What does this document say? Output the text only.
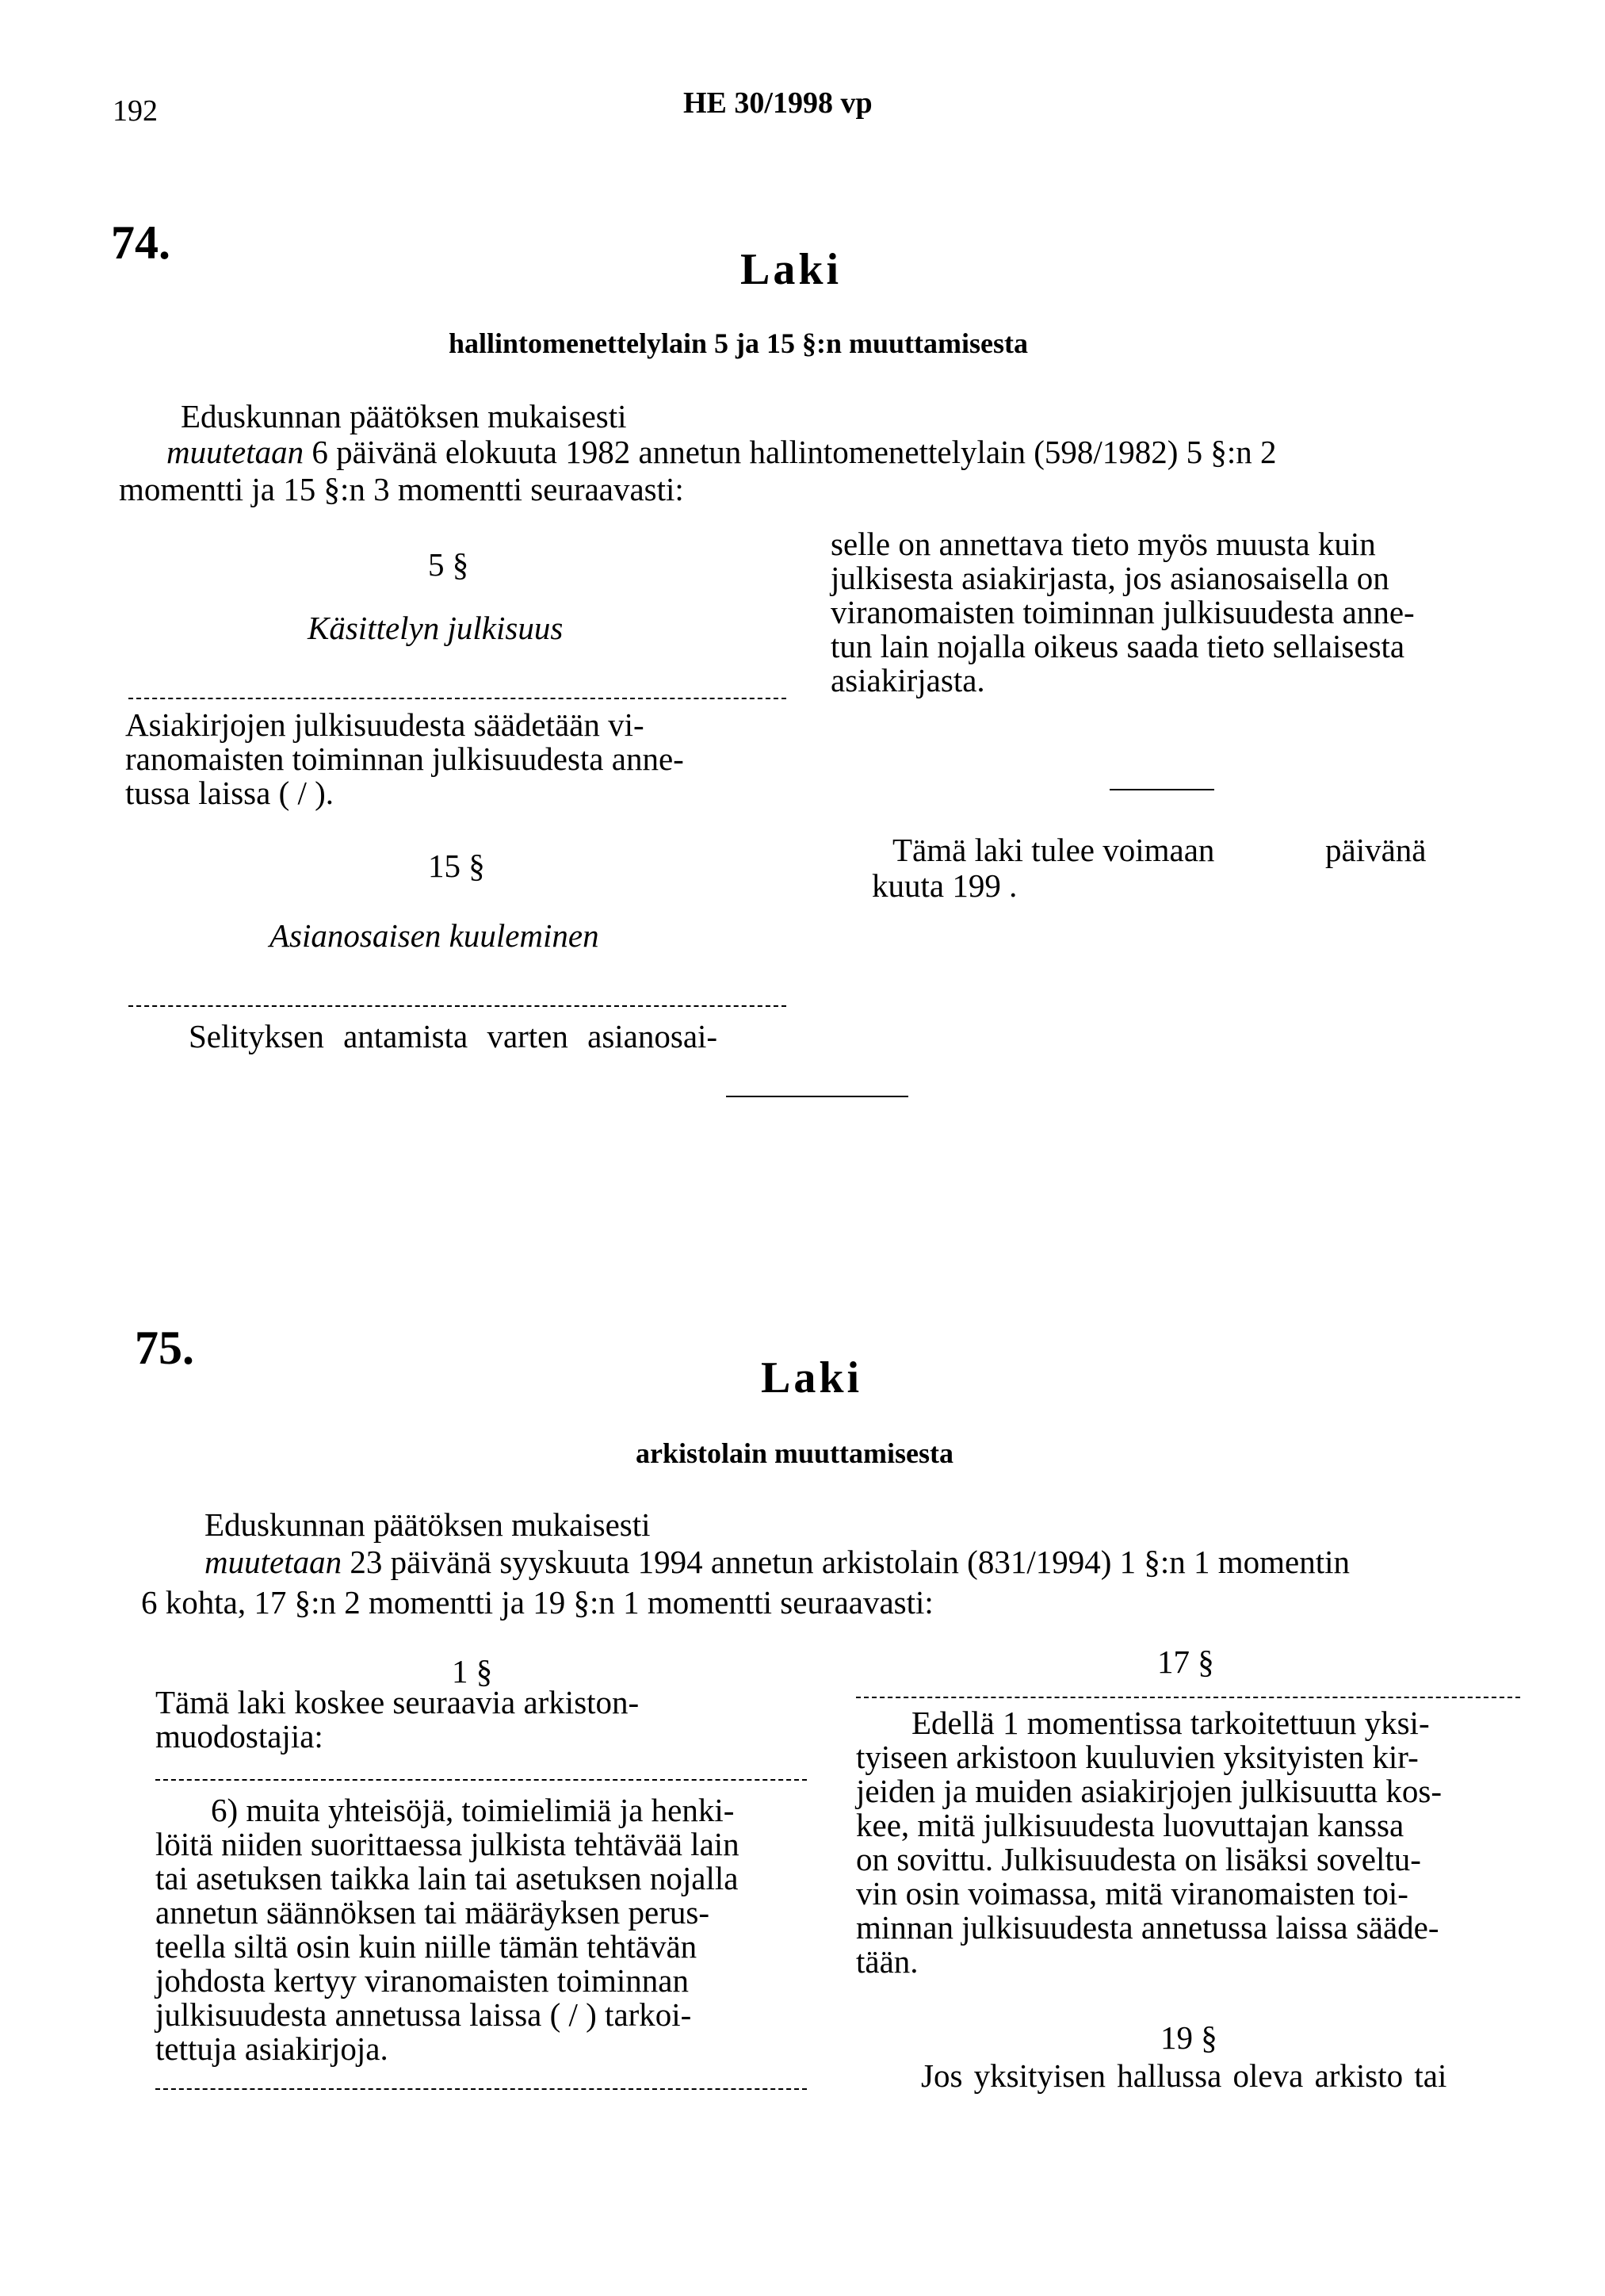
192	HE 30/1998 vp
74.
Laki
hallintomenettelylain 5 ja 15 §:n muuttamisesta
Eduskunnan päätöksen mukaisesti
muutetaan 6 päivänä elokuuta 1982 annetun hallintomenettelylain (598/1982) 5 §:n 2
momentti ja 15 §:n 3 momentti seuraavasti:
5 §
Käsittelyn julkisuus
Asiakirjojen julkisuudesta säädetään vi-
ranomaisten toiminnan julkisuudesta anne-
tussa laissa ( / ).
15 §
Asianosaisen kuuleminen
Selityksen antamista varten asianosai-
selle on annettava tieto myös muusta kuin
julkisesta asiakirjasta, jos asianosaisella on
viranomaisten toiminnan julkisuudesta anne-
tun lain nojalla oikeus saada tieto sellaisesta
asiakirjasta.
Tämä laki tulee voimaan	päivänä
kuuta 199 .
75.
Laki
arkistolain muuttamisesta
Eduskunnan päätöksen mukaisesti
muutetaan 23 päivänä syyskuuta 1994 annetun arkistolain (831/1994) 1 §:n 1 momentin
6 kohta, 17 §:n 2 momentti ja 19 §:n 1 momentti seuraavasti:
1 §
Tämä laki koskee seuraavia arkiston-
muodostajia:
6) muita yhteisöjä, toimielimiä ja henki-
löitä niiden suorittaessa julkista tehtävää lain
tai asetuksen taikka lain tai asetuksen nojalla
annetun säännöksen tai määräyksen perus-
teella siltä osin kuin niille tämän tehtävän
johdosta kertyy viranomaisten toiminnan
julkisuudesta annetussa laissa ( / ) tarkoi-
tettuja asiakirjoja.
17 §
Edellä 1 momentissa tarkoitettuun yksi-
tyiseen arkistoon kuuluvien yksityisten kir-
jeiden ja muiden asiakirjojen julkisuutta kos-
kee, mitä julkisuudesta luovuttajan kanssa
on sovittu. Julkisuudesta on lisäksi soveltu-
vin osin voimassa, mitä viranomaisten toi-
minnan julkisuudesta annetussa laissa sääde-
tään.
19 §
Jos yksityisen hallussa oleva arkisto tai
